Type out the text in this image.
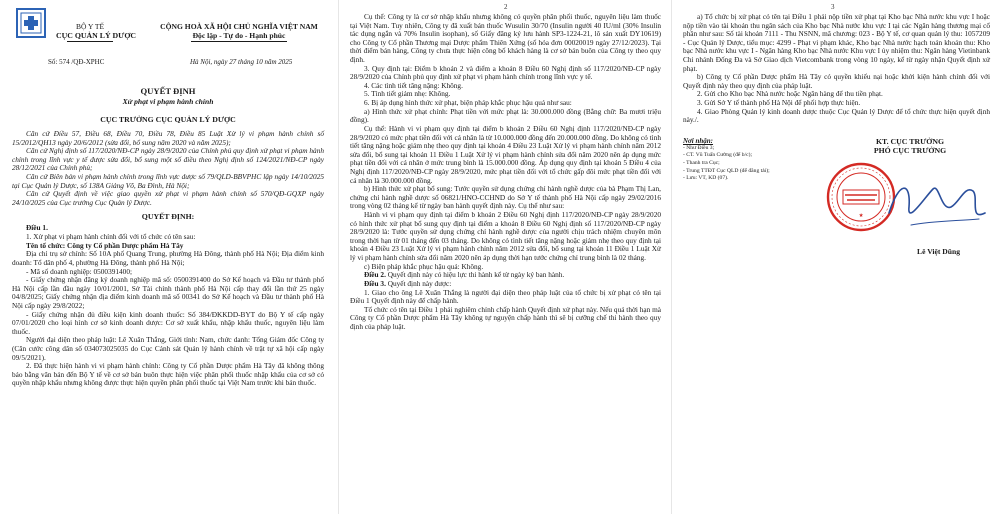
BỘ Y TẾ
CỤC QUẢN LÝ DƯỢC
CỘNG HOÀ XÃ HỘI CHỦ NGHĨA VIỆT NAM
Độc lập - Tự do - Hạnh phúc
Số: 574 /QĐ-XPHC	Hà Nội, ngày 27 tháng 10 năm 2025
QUYẾT ĐỊNH
Xử phạt vi phạm hành chính
CỤC TRƯỞNG CỤC QUẢN LÝ DƯỢC

Căn cứ Điều 57, Điều 68, Điều 70, Điều 78, Điều 85 Luật Xử lý vi phạm hành chính số 15/2012/QH13 ngày 20/6/2012 (sửa đổi, bổ sung năm 2020 và năm 2025);

Căn cứ Nghị định số 117/2020/NĐ-CP ngày 28/9/2020 của Chính phủ quy định xử phạt vi phạm hành chính trong lĩnh vực y tế được sửa đổi, bổ sung một số điều theo Nghị định số 124/2021/NĐ-CP ngày 28/12/2021 của Chính phủ;

Căn cứ Biên bản vi phạm hành chính trong lĩnh vực dược số 79/QLD-BBVPHC lập ngày 14/10/2025 tại Cục Quản lý Dược, số 138A Giảng Võ, Ba Đình, Hà Nội;

Căn cứ Quyết định về việc giao quyền xử phạt vi phạm hành chính số 570/QĐ-GQXP ngày 24/10/2025 của Cục trưởng Cục Quản lý Dược.

QUYẾT ĐỊNH:

Điều 1.

1. Xử phạt vi phạm hành chính đối với tổ chức có tên sau:

Tên tổ chức: Công ty Cổ phần Dược phẩm Hà Tây

Địa chỉ trụ sở chính: Số 10A phố Quang Trung, phường Hà Đông, thành phố Hà Nội; Địa điểm kinh doanh: Tổ dân phố 4, phường Hà Đông, thành phố Hà Nội;

- Mã số doanh nghiệp: 0500391400;

- Giấy chứng nhận đăng ký doanh nghiệp mã số: 0500391400 do Sở Kế hoạch và Đầu tư thành phố Hà Nội cấp lần đầu ngày 10/01/2001, Sở Tài chính thành phố Hà Nội cấp thay đổi lần thứ 25 ngày 04/8/2025; Giấy chứng nhận địa điểm kinh doanh mã số 00341 do Sở Kế hoạch và Đầu tư thành phố Hà Nội cấp ngày 29/8/2022;

- Giấy chứng nhận đủ điều kiện kinh doanh thuốc: Số 384/ĐKKDD-BYT do Bộ Y tế cấp ngày 07/01/2020 cho loại hình cơ sở kinh doanh dược: Cơ sở xuất khẩu, nhập khẩu thuốc, nguyên liệu làm thuốc.

Người đại diện theo pháp luật: Lê Xuân Thắng, Giới tính: Nam, chức danh: Tổng Giám đốc Công ty (Căn cước công dân số 034073025035 do Cục Cảnh sát Quản lý hành chính về trật tự xã hội cấp ngày 09/5/2021).

2. Đã thực hiện hành vi vi phạm hành chính: Công ty Cổ phần Dược phẩm Hà Tây đã không thông báo bằng văn bản đến Bộ Y tế về cơ sở bán buôn thực hiện việc phân phối thuốc nhập khẩu của cơ sở có quyền nhập khẩu nhưng không được thực hiện quyền phân phối thuốc tại Việt Nam trước khi bán thuốc.

2

Cụ thể: Công ty là cơ sở nhập khẩu nhưng không có quyền phân phối thuốc, nguyên liệu làm thuốc tại Việt Nam. Tuy nhiên, Công ty đã xuất bán thuốc Wusulin 30/70 (Insulin người 40 IU/ml (30% Insulin tác dụng ngắn và 70% Insulin isophan), số Giấy đăng ký lưu hành SP3-1224-21, lô sản xuất DY10619) cho Công ty Cổ phần Thương mại Dược phẩm Thiên Xứng (số hóa đơn 00020019 ngày 27/12/2023). Tại thời điểm bán hàng, Công ty chưa thực hiện công bố khách hàng là cơ sở bán buôn của Công ty theo quy định.

3. Quy định tại: Điểm b khoản 2 và điểm a khoản 8 Điều 60 Nghị định số 117/2020/NĐ-CP ngày 28/9/2020 của Chính phủ quy định xử phạt vi phạm hành chính trong lĩnh vực y tế.

4. Các tình tiết tăng nặng: Không.

5. Tình tiết giảm nhẹ: Không.

6. Bị áp dụng hình thức xử phạt, biện pháp khắc phục hậu quả như sau:

a) Hình thức xử phạt chính: Phạt tiền với mức phạt là: 30.000.000 đồng (Bằng chữ: Ba mươi triệu đồng).

Cụ thể: Hành vi vi phạm quy định tại điểm b khoản 2 Điều 60 Nghị định 117/2020/NĐ-CP ngày 28/9/2020 có mức phạt tiền đối với cá nhân là từ 10.000.000 đồng đến 20.000.000 đồng. Do không có tình tiết tăng nặng hoặc giảm nhẹ theo quy định tại khoản 4 Điều 23 Luật Xử lý vi phạm hành chính năm 2012 sửa đổi, bổ sung tại khoản 11 Điều 1 Luật Xử lý vi phạm hành chính sửa đổi năm 2020 nên áp dụng mức phạt tiền đối với cá nhân ở mức trung bình là 15.000.000 đồng. Áp dụng quy định tại khoản 5 Điều 4 của Nghị định 117/2020/NĐ-CP ngày 28/9/2020, mức phạt tiền đối với tổ chức gấp đôi mức phạt tiền đối với cá nhân là 30.000.000 đồng.

b) Hình thức xử phạt bổ sung: Tước quyền sử dụng chứng chỉ hành nghề dược của bà Phạm Thị Lan, chứng chỉ hành nghề dược số 06821/HNO-CCHND do Sở Y tế thành phố Hà Nội cấp ngày 29/02/2016 trong vòng 02 tháng kể từ ngày ban hành quyết định này. Cụ thể như sau:

Hành vi vi phạm quy định tại điểm b khoản 2 Điều 60 Nghị định 117/2020/NĐ-CP ngày 28/9/2020 có hình thức xử phạt bổ sung quy định tại điểm a khoản 8 Điều 60 Nghị định số 117/2020/NĐ-CP ngày 28/9/2020 là: Tước quyền sử dụng chứng chỉ hành nghề dược của người chịu trách nhiệm chuyên môn trong thời hạn từ 01 tháng đến 03 tháng. Do không có tình tiết tăng nặng hoặc giảm nhẹ theo quy định tại khoản 4 Điều 23 Luật Xử lý vi phạm hành chính năm 2012 sửa đổi, bổ sung tại khoản 11 Điều 1 Luật Xử lý vi phạm hành chính sửa đổi năm 2020 nên áp dụng thời hạn tước chứng chỉ trung bình là 02 tháng.

c) Biện pháp khắc phục hậu quả: Không.

Điều 2. Quyết định này có hiệu lực thi hành kể từ ngày ký ban hành.

Điều 3. Quyết định này được:

1. Giao cho ông Lê Xuân Thắng là người đại diện theo pháp luật của tổ chức bị xử phạt có tên tại Điều 1 Quyết định này để chấp hành.

Tổ chức có tên tại Điều 1 phải nghiêm chỉnh chấp hành Quyết định xử phạt này. Nếu quá thời hạn mà Công ty Cổ phần Dược phẩm Hà Tây không tự nguyện chấp hành thì sẽ bị cưỡng chế thi hành theo quy định của pháp luật.

3

a) Tổ chức bị xử phạt có tên tại Điều 1 phải nộp tiền xử phạt tại Kho bạc Nhà nước khu vực I hoặc nộp tiền vào tài khoản thu ngân sách của Kho bạc Nhà nước khu vực I tại các Ngân hàng thương mại cổ phần như sau: Số tài khoản 7111 - Thu NSNN, mã chương: 023 - Bộ Y tế, cơ quan quản lý thu: 1057209 - Cục Quản lý Dược, tiểu mục: 4299 - Phạt vi phạm khác, Kho bạc Nhà nước hạch toán khoản thu: Kho bạc Nhà nước khu vực I - Ngân hàng Kho bạc Nhà nước Khu vực I ủy nhiệm thu: Ngân hàng Vietinbank Chi nhánh Đống Đa và Sở Giao dịch Vietcombank trong vòng 10 ngày, kể từ ngày nhận Quyết định xử phạt.

b) Công ty Cổ phần Dược phẩm Hà Tây có quyền khiếu nại hoặc khởi kiện hành chính đối với Quyết định này theo quy định của pháp luật.

2. Gửi cho Kho bạc Nhà nước hoặc Ngân hàng để thu tiền phạt.

3. Gửi Sở Y tế thành phố Hà Nội để phối hợp thực hiện.

4. Giao Phòng Quản lý kinh doanh dược thuộc Cục Quản lý Dược để tổ chức thực hiện quyết định này./.

Nơi nhận:
- Như Điều 3;
- CT. Vũ Tuấn Cường (để b/c);
- Thanh tra Cục;
- Trung TTĐT Cục QLD (để đăng tải);
- Lưu: VT, KD (07).
KT. CỤC TRƯỞNG
PHÓ CỤC TRƯỞNG
★
Lê Việt Dũng
